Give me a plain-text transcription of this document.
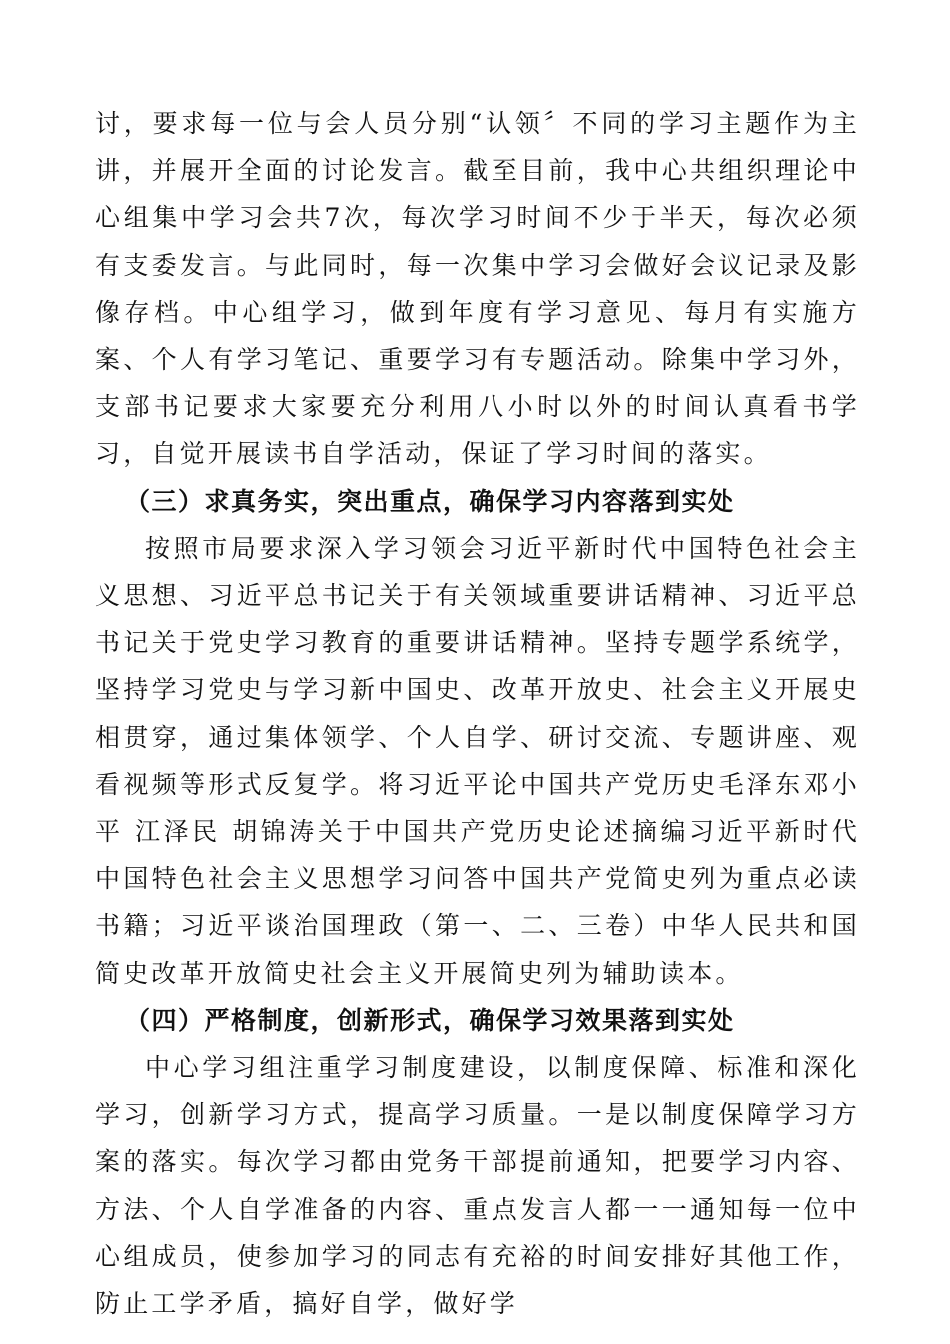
讨，要求每一位与会人员分别“认领〞不同的学习主题作为主讲，并展开全面的讨论发言。截至目前，我中心共组织理论中心组集中学习会共7次，每次学习时间不少于半天，每次必须有支委发言。与此同时，每一次集中学习会做好会议记录及影像存档。中心组学习，做到年度有学习意见、每月有实施方案、个人有学习笔记、重要学习有专题活动。除集中学习外，支部书记要求大家要充分利用八小时以外的时间认真看书学习，自觉开展读书自学活动，保证了学习时间的落实。

（三）求真务实，突出重点，确保学习内容落到实处

按照市局要求深入学习领会习近平新时代中国特色社会主义思想、习近平总书记关于有关领域重要讲话精神、习近平总书记关于党史学习教育的重要讲话精神。坚持专题学系统学，坚持学习党史与学习新中国史、改革开放史、社会主义开展史相贯穿，通过集体领学、个人自学、研讨交流、专题讲座、观看视频等形式反复学。将习近平论中国共产党历史毛泽东邓小平 江泽民 胡锦涛关于中国共产党历史论述摘编习近平新时代中国特色社会主义思想学习问答中国共产党简史列为重点必读书籍；习近平谈治国理政（第一、二、三卷）中华人民共和国简史改革开放简史社会主义开展简史列为辅助读本。

（四）严格制度，创新形式，确保学习效果落到实处

中心学习组注重学习制度建设，以制度保障、标准和深化学习，创新学习方式，提高学习质量。一是以制度保障学习方案的落实。每次学习都由党务干部提前通知，把要学习内容、方法、个人自学准备的内容、重点发言人都一一通知每一位中心组成员，使参加学习的同志有充裕的时间安排好其他工作，防止工学矛盾，搞好自学，做好学
